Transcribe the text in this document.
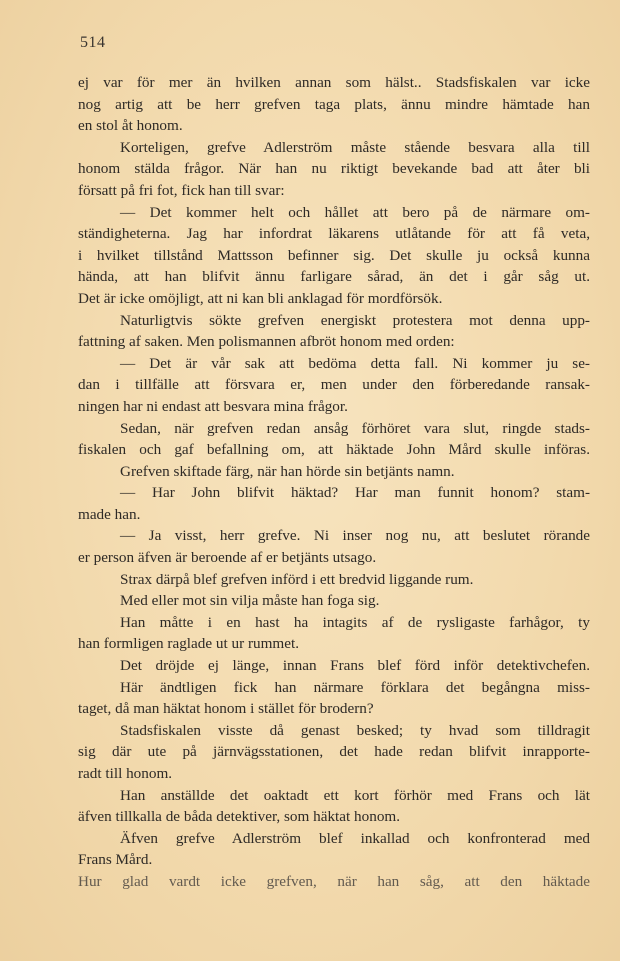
514
ej var för mer än hvilken annan som hälst.. Stadsfiskalen var icke
nog artig att be herr grefven taga plats, ännu mindre hämtade han
en stol åt honom.
Korteligen, grefve Adlerström måste stående besvara alla till
honom stälda frågor. När han nu riktigt bevekande bad att åter bli
försatt på fri fot, fick han till svar:
— Det kommer helt och hållet att bero på de närmare om-
ständigheterna. Jag har infordrat läkarens utlåtande för att få veta,
i hvilket tillstånd Mattsson befinner sig. Det skulle ju också kunna
hända, att han blifvit ännu farligare sårad, än det i går såg ut.
Det är icke omöjligt, att ni kan bli anklagad för mordförsök.
Naturligtvis sökte grefven energiskt protestera mot denna upp-
fattning af saken. Men polismannen afbröt honom med orden:
— Det är vår sak att bedöma detta fall. Ni kommer ju se-
dan i tillfälle att försvara er, men under den förberedande ransak-
ningen har ni endast att besvara mina frågor.
Sedan, när grefven redan ansåg förhöret vara slut, ringde stads-
fiskalen och gaf befallning om, att häktade John Mård skulle införas.
Grefven skiftade färg, när han hörde sin betjänts namn.
— Har John blifvit häktad? Har man funnit honom? stam-
made han.
— Ja visst, herr grefve. Ni inser nog nu, att beslutet rörande
er person äfven är beroende af er betjänts utsago.
Strax därpå blef grefven införd i ett bredvid liggande rum.
Med eller mot sin vilja måste han foga sig.
Han måtte i en hast ha intagits af de rysligaste farhågor, ty
han formligen raglade ut ur rummet.
Det dröjde ej länge, innan Frans blef förd inför detektivchefen.
Här ändtligen fick han närmare förklara det begångna miss-
taget, då man häktat honom i stället för brodern?
Stadsfiskalen visste då genast besked; ty hvad som tilldragit
sig där ute på järnvägsstationen, det hade redan blifvit inrapporte-
radt till honom.
Han anställde det oaktadt ett kort förhör med Frans och lät
äfven tillkalla de båda detektiver, som häktat honom.
Äfven grefve Adlerström blef inkallad och konfronterad med
Frans Mård.
Hur glad vardt icke grefven, när han såg, att den häktade
